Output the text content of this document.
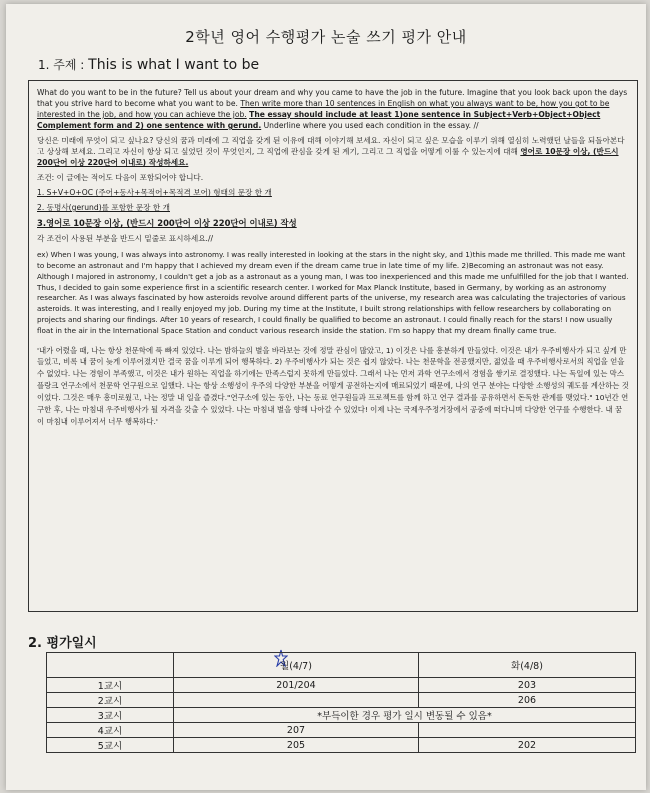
2학년 영어 수행평가 논술 쓰기 평가 안내
1. 주제 : This is what I want to be

What do you want to be in the future? Tell us about your dream and why you came to have the job in the future. Imagine that you look back upon the days that you strive hard to become what you want to be. Then write more than 10 sentences in English on what you always want to be, how you got to be interested in the job, and how you can achieve the job. The essay should include at least 1)one sentence in Subject+Verb+Object+Object Complement form and 2) one sentence with gerund. Underline where you used each condition in the essay. //

당신은 미래에 무엇이 되고 싶나요? 당신의 꿈과 미래에 그 직업을 갖게 된 이유에 대해 이야기해 보세요. 자신이 되고 싶은 모습을 이루기 위해 열심히 노력했던 날들을 되돌아본다고 상상해 보세요. 그리고 자신이 항상 되고 싶었던 것이 무엇인지, 그 직업에 관심을 갖게 된 계기, 그리고 그 직업을 어떻게 이룰 수 있는지에 대해 영어로 10문장 이상, (반드시 200단어 이상 220단어 이내로) 작성하세요.

조건: 이 글에는 적어도 다음이 포함되어야 합니다.
1. S+V+O+OC (주어+동사+목적어+목적격 보어) 형태의 문장 한 개
2. 동명사(gerund)를 포함한 문장 한 개
3.영어로 10문장 이상, (반드시 200단어 이상 220단어 이내로) 작성
각 조건이 사용된 부분을 반드시 밑줄로 표시하세요.//
ex) When I was young, I was always into astronomy. I was really interested in looking at the stars in the night sky, and 1)this made me thrilled. This made me want to become an astronaut and I'm happy that I achieved my dream even if the dream came true in late time of my life. 2)Becoming an astronaut was not easy. Although I majored in astronomy, I couldn't get a job as a astronaut as a young man, I was too inexperienced and this made me unfulfilled for the job that I wanted. Thus, I decided to gain some experience first in a scientific research center. I worked for Max Planck Institute, based in Germany, by working as an astronomy researcher. As I was always fascinated by how asteroids revolve around different parts of the universe, my research area was calculating the trajectories of various asteroids. It was interesting, and I really enjoyed my job. During my time at the Institute, I built strong relationships with fellow researchers by collaborating on projects and sharing our findings. After 10 years of research, I could finally be qualified to become an astronaut. I could finally reach for the stars! I now usually float in the air in the International Space Station and conduct various research inside the station. I'm so happy that my dream finally came true.
'내가 어렸을 때, 나는 항상 천문학에 푹 빠져 있었다. 나는 밤하늘의 별을 바라보는 것에 정말 관심이 많았고, 1) 이것은 나를 흥분하게 만들었다. 이것은 내가 우주비행사가 되고 싶게 만들었고, 비록 내 꿈이 늦게 이루어졌지만 결국 꿈을 이루게 되어 행복하다. 2) 우주비행사가 되는 것은 쉽지 않았다. 나는 천문학을 전공했지만, 젊었을 때 우주비행사로서의 직업을 얻을 수 없었다. 나는 경험이 부족했고, 이것은 내가 원하는 직업을 하기에는 만족스럽지 못하게 만들었다. 그래서 나는 먼저 과학 연구소에서 경험을 쌓기로 결정했다. 나는 독일에 있는 막스 플랑크 연구소에서 천문학 연구원으로 일했다. 나는 항상 소행성이 우주의 다양한 부분을 어떻게 공전하는지에 매료되었기 때문에, 나의 연구 분야는 다양한 소행성의 궤도를 계산하는 것이었다. 그것은 매우 흥미로웠고, 나는 정말 내 일을 즐겼다."연구소에 있는 동안, 나는 동료 연구원들과 프로젝트를 함께 하고 연구 결과를 공유하면서 돈독한 관계를 맺었다." 10년간 연구한 후, 나는 마침내 우주비행사가 될 자격을 갖출 수 있었다. 나는 마침내 별을 향해 나아갈 수 있었다! 이제 나는 국제우주정거장에서 공중에 떠다니며 다양한 연구를 수행한다. 내 꿈이 마침내 이루어져서 너무 행복하다.'
2. 평가일시
	월(4/7)	화(4/8)
1교시	201/204	203
2교시		206
3교시	*부득이한 경우 평가 일시 변동될 수 있음*	
4교시	207	
5교시	205	202
